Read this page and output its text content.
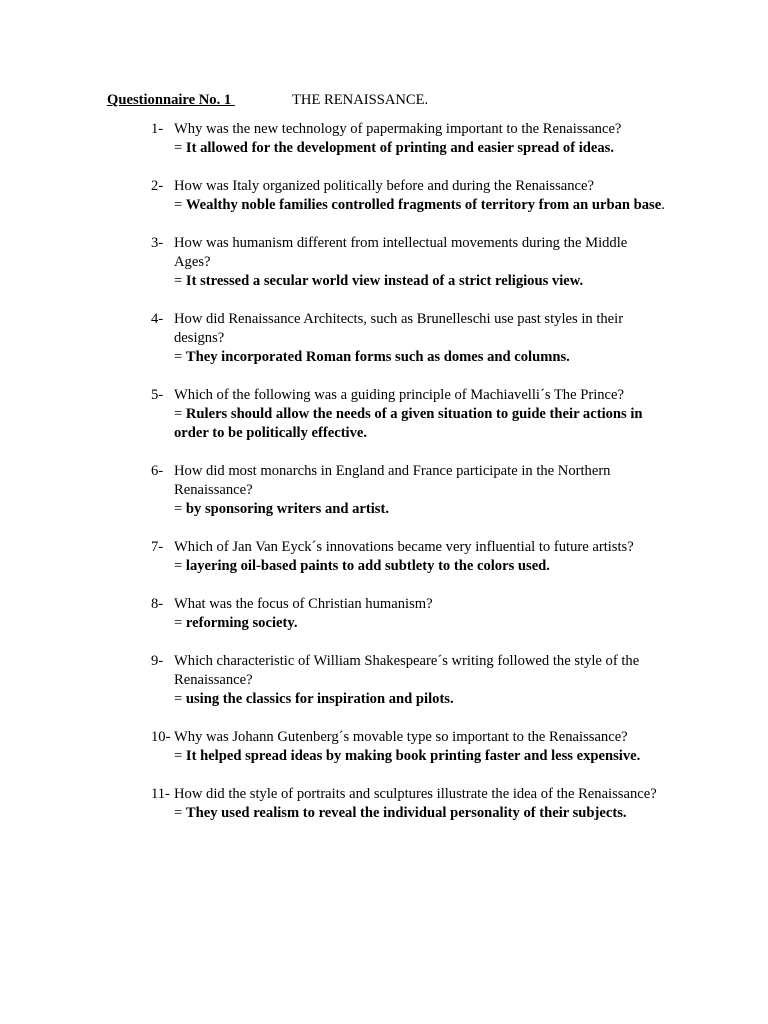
Questionnaire No. 1	THE RENAISSANCE.
1- Why was the new technology of papermaking important to the Renaissance?
= It allowed for the development of printing and easier spread of ideas.
2- How was Italy organized politically before and during the Renaissance?
= Wealthy noble families controlled fragments of territory from an urban base.
3- How was humanism different from intellectual movements during the Middle Ages?
= It stressed a secular world view instead of a strict religious view.
4- How did Renaissance Architects, such as Brunelleschi use past styles in their designs?
= They incorporated Roman forms such as domes and columns.
5- Which of the following was a guiding principle of Machiavelli´s The Prince?
= Rulers should allow the needs of a given situation to guide their actions in order to be politically effective.
6- How did most monarchs in England and France participate in the Northern Renaissance?
= by sponsoring writers and artist.
7- Which of Jan Van Eyck´s innovations became very influential to future artists?
= layering oil-based paints to add subtlety to the colors used.
8- What was the focus of Christian humanism?
= reforming society.
9- Which characteristic of William Shakespeare´s writing followed the style of the Renaissance?
= using the classics for inspiration and pilots.
10- Why was Johann Gutenberg´s movable type so important to the Renaissance?
= It helped spread ideas by making book printing faster and less expensive.
11- How did the style of portraits and sculptures illustrate the idea of the Renaissance?
= They used realism to reveal the individual personality of their subjects.
